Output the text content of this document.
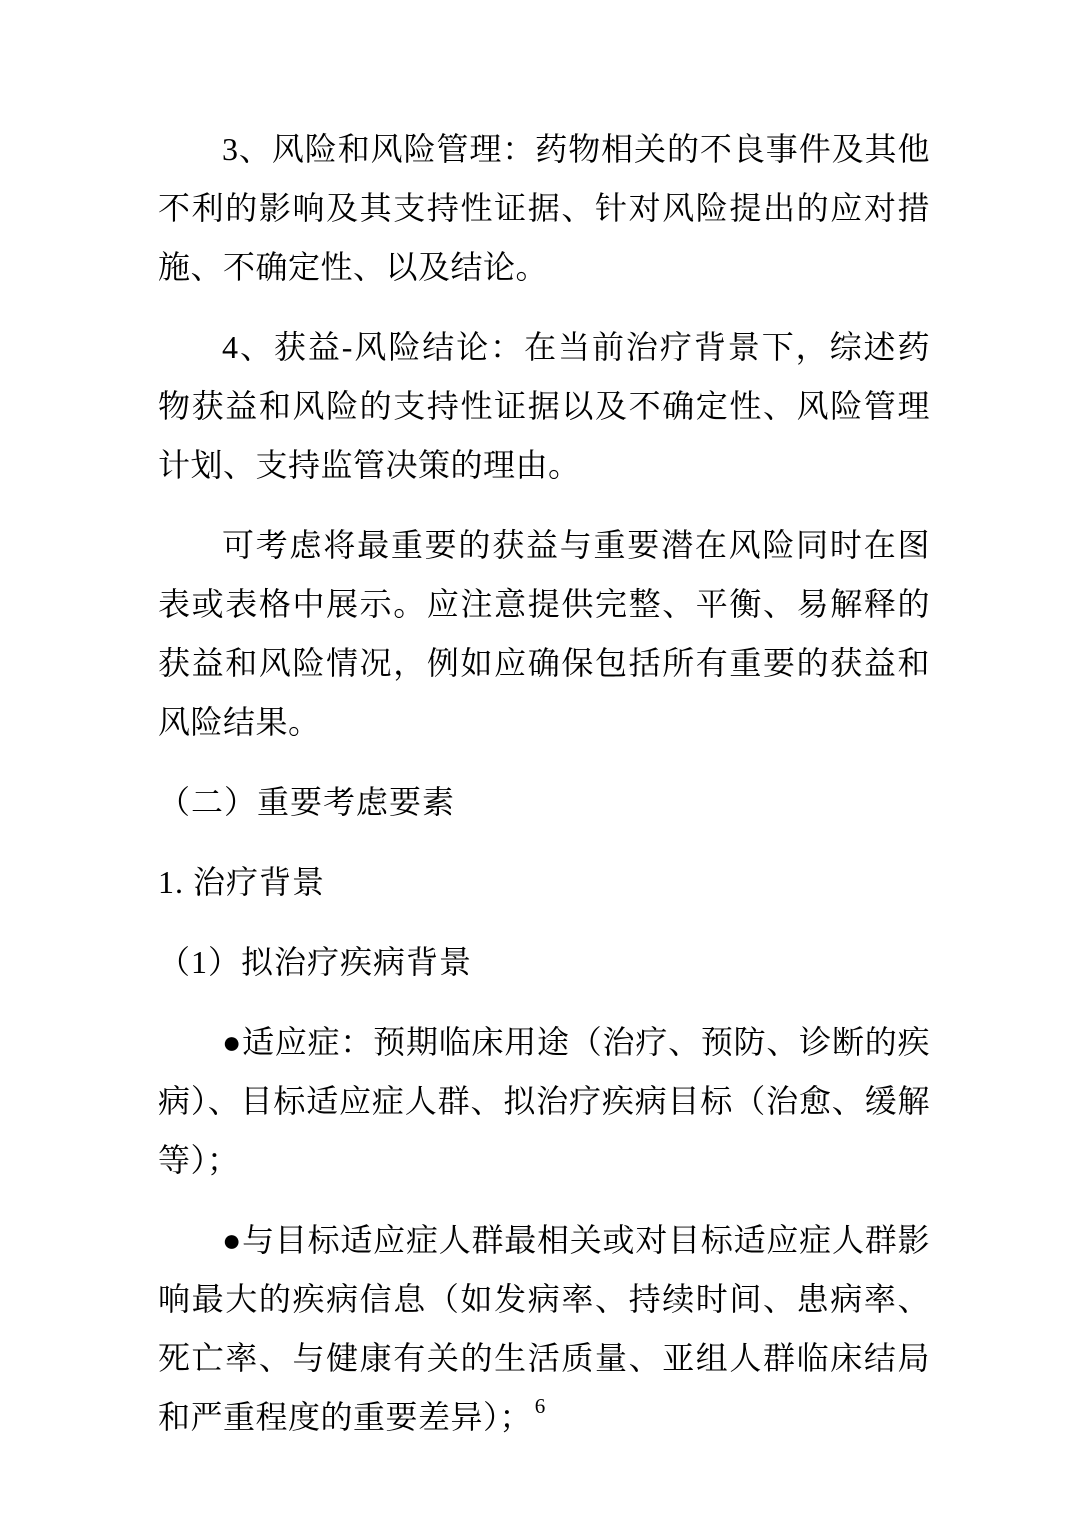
3、风险和风险管理：药物相关的不良事件及其他不利的影响及其支持性证据、针对风险提出的应对措施、不确定性、以及结论。

4、获益-风险结论：在当前治疗背景下，综述药物获益和风险的支持性证据以及不确定性、风险管理计划、支持监管决策的理由。

可考虑将最重要的获益与重要潜在风险同时在图表或表格中展示。应注意提供完整、平衡、易解释的获益和风险情况，例如应确保包括所有重要的获益和风险结果。

（二）重要考虑要素

1. 治疗背景

（1）拟治疗疾病背景

●适应症：预期临床用途（治疗、预防、诊断的疾病）、目标适应症人群、拟治疗疾病目标（治愈、缓解等）；

●与目标适应症人群最相关或对目标适应症人群影响最大的疾病信息（如发病率、持续时间、患病率、死亡率、与健康有关的生活质量、亚组人群临床结局和严重程度的重要差异）； 6
